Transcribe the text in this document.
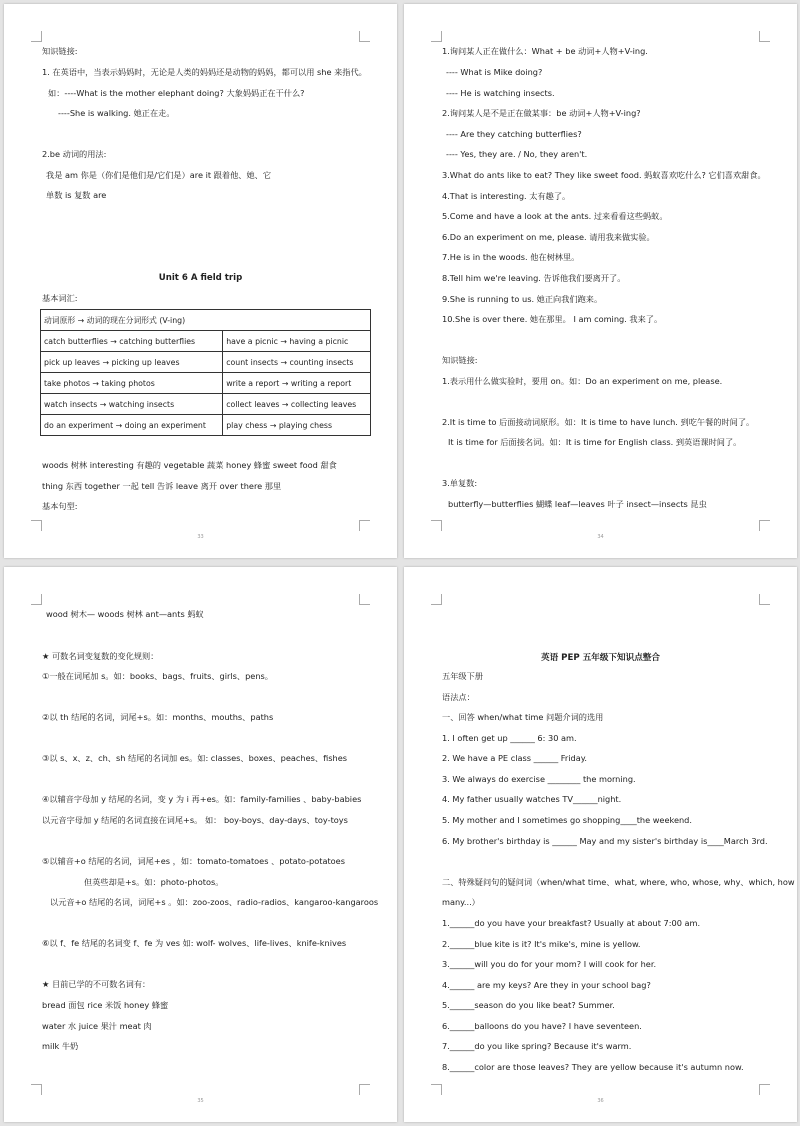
知识链接:
1. 在英语中，当表示妈妈时，无论是人类的妈妈还是动物的妈妈，都可以用 she 来指代。
如：----What is the mother elephant doing? 大象妈妈正在干什么?
----She is walking. 她正在走。
2.be 动词的用法:
我是 am 你是（你们是他们是/它们是）are it 跟着他、她、它
单数 is 复数 are
Unit 6 A field trip
基本词汇:
动词原形 → 动词的现在分词形式 (V-ing)	
catch butterflies → catching butterflies	have a picnic → having a picnic
pick up leaves → picking up leaves	count insects → counting insects
take photos → taking photos	write a report → writing a report
watch insects → watching insects	collect leaves → collecting leaves
do an experiment → doing an experiment	play chess → playing chess
woods 树林 interesting 有趣的 vegetable 蔬菜 honey 蜂蜜 sweet food 甜食
thing 东西 together 一起 tell 告诉 leave 离开 over there 那里
基本句型:
33
1.询问某人正在做什么：What + be 动词+人物+V-ing.
---- What is Mike doing?
---- He is watching insects.
2.询问某人是不是正在做某事：be 动词+人物+V-ing?
---- Are they catching butterflies?
---- Yes, they are. / No, they aren't.
3.What do ants like to eat? They like sweet food. 蚂蚁喜欢吃什么? 它们喜欢甜食。
4.That is interesting. 太有趣了。
5.Come and have a look at the ants. 过来看看这些蚂蚁。
6.Do an experiment on me, please. 请用我来做实验。
7.He is in the woods. 他在树林里。
8.Tell him we're leaving. 告诉他我们要离开了。
9.She is running to us. 她正向我们跑来。
10.She is over there. 她在那里。 I am coming. 我来了。
知识链接:
1.表示用什么做实验时，要用 on。如：Do an experiment on me, please.
2.It is time to 后面接动词原形。如：It is time to have lunch. 到吃午餐的时间了。
It is time for 后面接名词。如：It is time for English class. 到英语课时间了。
3.单复数:
butterfly—butterflies 蝴蝶 leaf—leaves 叶子 insect—insects 昆虫
34
wood 树木— woods 树林 ant—ants 蚂蚁
★ 可数名词变复数的变化规则：
①一般在词尾加 s。如：books、bags、fruits、girls、pens。
②以 th 结尾的名词，词尾+s。如：months、mouths、paths
③以 s、x、z、ch、sh 结尾的名词加 es。如: classes、boxes、peaches、fishes
④以辅音字母加 y 结尾的名词，变 y 为 i 再+es。如：family-families 、baby-babies
以元音字母加 y 结尾的名词直接在词尾+s。 如： boy-boys、day-days、toy-toys
⑤以辅音+o 结尾的名词，词尾+es ，如：tomato-tomatoes 、potato-potatoes
但英些却是+s。如：photo-photos。
以元音+o 结尾的名词，词尾+s 。如：zoo-zoos、radio-radios、kangaroo-kangaroos
⑥以 f、fe 结尾的名词变 f、fe 为 ves 如: wolf- wolves、life-lives、knife-knives
★ 目前已学的不可数名词有：
bread 面包 rice 米饭 honey 蜂蜜
water 水 juice 果汁 meat 肉
milk 牛奶
35
英语 PEP 五年级下知识点整合
五年级下册
语法点：
一、回答 when/what time 问题介词的选用
1. I often get up ______ 6: 30 am.
2. We have a PE class ______ Friday.
3. We always do exercise ________ the morning.
4. My father usually watches TV______night.
5. My mother and I sometimes go shopping____the weekend.
6. My brother's birthday is ______ May and my sister's birthday is____March 3rd.
二、特殊疑问句的疑问词（when/what time、what, where, who, whose, why、which, how
many...）
1.______do you have your breakfast? Usually at about 7:00 am.
2.______blue kite is it? It's mike's, mine is yellow.
3.______will you do for your mom? I will cook for her.
4.______ are my keys? Are they in your school bag?
5.______season do you like beat? Summer.
6.______balloons do you have? I have seventeen.
7.______do you like spring? Because it's warm.
8.______color are those leaves? They are yellow because it's autumn now.
36
